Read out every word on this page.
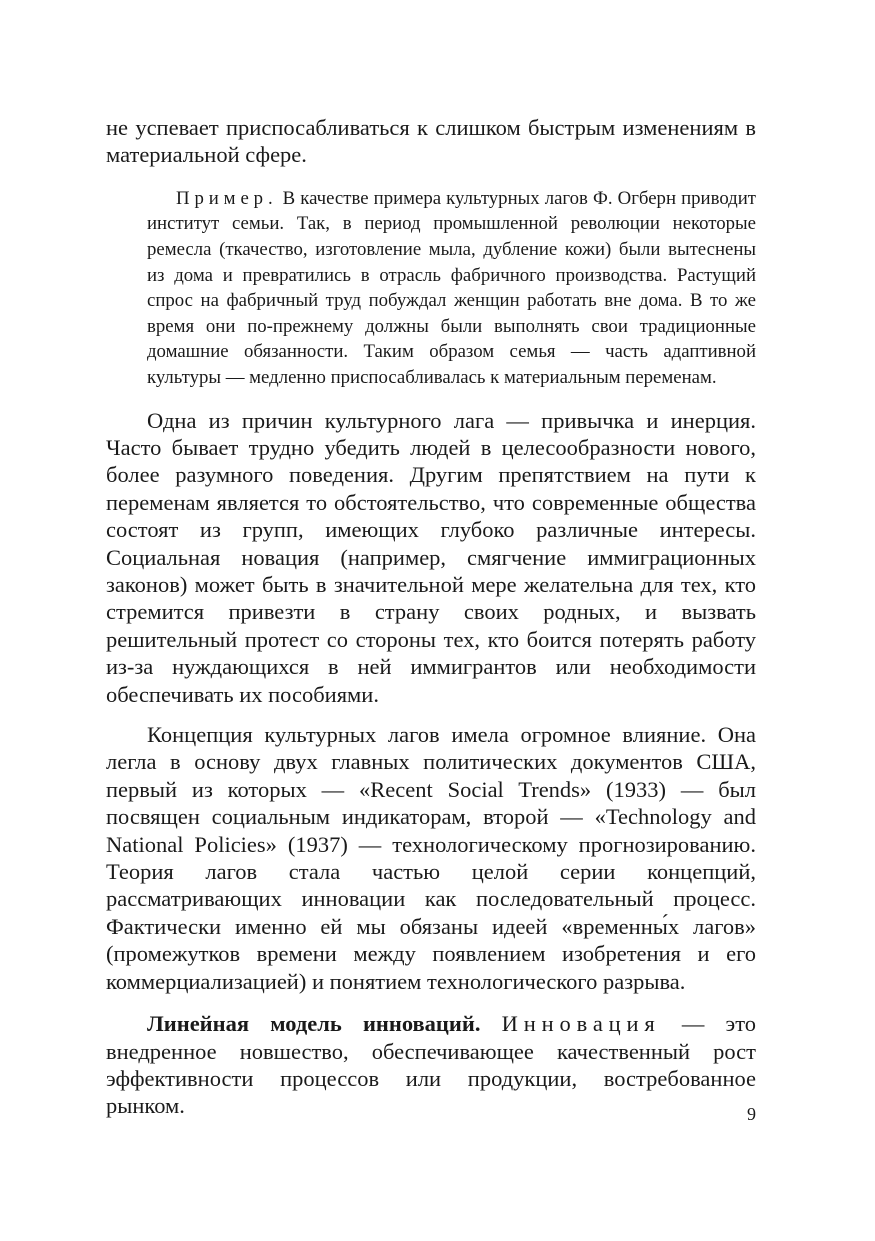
не успевает приспосабливаться к слишком быстрым изменениям в материальной сфере.

Пример. В качестве примера культурных лагов Ф. Огберн приводит институт семьи. Так, в период промышленной революции некоторые ремесла (ткачество, изготовление мыла, дубление кожи) были вытеснены из дома и превратились в отрасль фабричного производства. Растущий спрос на фабричный труд побуждал женщин работать вне дома. В то же время они по-прежнему должны были выполнять свои традиционные домашние обязанности. Таким образом семья — часть адаптивной культуры — медленно приспосабливалась к материальным переменам.

Одна из причин культурного лага — привычка и инерция. Часто бывает трудно убедить людей в целесообразности нового, более разумного поведения. Другим препятствием на пути к переменам является то обстоятельство, что современные общества состоят из групп, имеющих глубоко различные интересы. Социальная новация (например, смягчение иммиграционных законов) может быть в значительной мере желательна для тех, кто стремится привезти в страну своих родных, и вызвать решительный протест со стороны тех, кто боится потерять работу из-за нуждающихся в ней иммигрантов или необходимости обеспечивать их пособиями.

Концепция культурных лагов имела огромное влияние. Она легла в основу двух главных политических документов США, первый из которых — «Recent Social Trends» (1933) — был посвящен социальным индикаторам, второй — «Technology and National Policies» (1937) — технологическому прогнозированию. Теория лагов стала частью целой серии концепций, рассматривающих инновации как последовательный процесс. Фактически именно ей мы обязаны идеей «временны́х лагов» (промежутков времени между появлением изобретения и его коммерциализацией) и понятием технологического разрыва.

Линейная модель инноваций. Инновация — это внедренное новшество, обеспечивающее качественный рост эффективности процессов или продукции, востребованное рынком.	9
